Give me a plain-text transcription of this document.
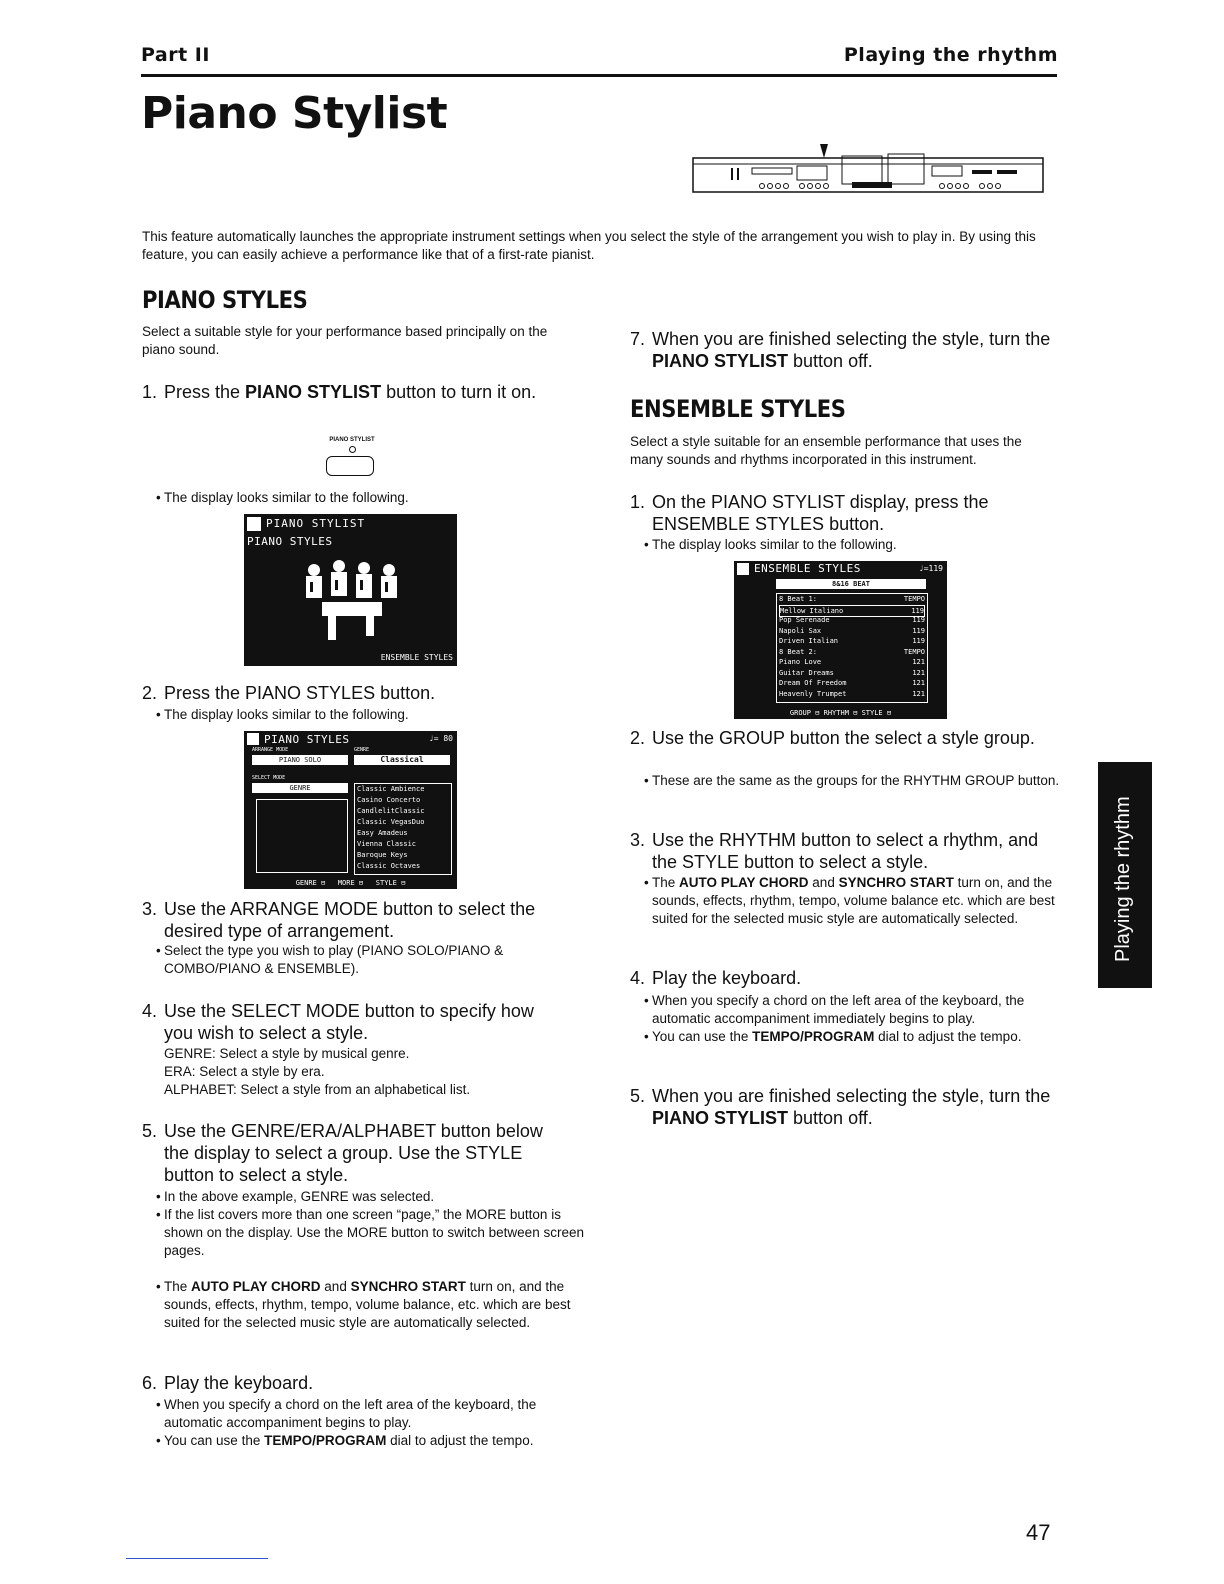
Part II	Playing the rhythm
Piano Stylist
This feature automatically launches the appropriate instrument settings when you select the style of the arrangement you wish to play in. By using this feature, you can easily achieve a performance like that of a first-rate pianist.
PIANO STYLES
Select a suitable style for your performance based principally on the piano sound.
1. Press the PIANO STYLIST button to turn it on.
PIANO STYLIST
• The display looks similar to the following.
PIANO STYLIST
PIANO STYLES
ENSEMBLE STYLES
2. Press the PIANO STYLES button.
• The display looks similar to the following.
PIANO STYLES	♩= 80
ARRANGE MODE
PIANO SOLO
GENRE
Classical
SELECT MODE
GENRE	Classic Ambience
Casino Concerto
CandlelitClassic
Classic VegasDuo
Easy Amadeus
Vienna Classic
Baroque Keys
Classic Octaves
GENRE ⊟   MORE ⊟   STYLE ⊟
3. Use the ARRANGE MODE button to select the desired type of arrangement.
• Select the type you wish to play (PIANO SOLO/PIANO & COMBO/PIANO & ENSEMBLE).
4. Use the SELECT MODE button to specify how you wish to select a style.
GENRE: Select a style by musical genre.
ERA: Select a style by era.
ALPHABET: Select a style from an alphabetical list.
5. Use the GENRE/ERA/ALPHABET button below the display to select a group. Use the STYLE button to select a style.
• In the above example, GENRE was selected.
• If the list covers more than one screen “page,” the MORE button is shown on the display. Use the MORE button to switch between screen pages.
• The AUTO PLAY CHORD and SYNCHRO START turn on, and the sounds, effects, rhythm, tempo, volume balance, etc. which are best suited for the selected music style are automatically selected.
6. Play the keyboard.
• When you specify a chord on the left area of the keyboard, the automatic accompaniment begins to play.
• You can use the TEMPO/PROGRAM dial to adjust the tempo.
7. When you are finished selecting the style, turn the PIANO STYLIST button off.
ENSEMBLE STYLES
Select a style suitable for an ensemble performance that uses the many sounds and rhythms incorporated in this instrument.
1. On the PIANO STYLIST display, press the ENSEMBLE STYLES button.
• The display looks similar to the following.
ENSEMBLE STYLES	♩=119
8&16 BEAT
8 Beat 1:	TEMPO
Mellow Italiano	119
Pop Serenade	119
Napoli Sax	119
Driven Italian	119
8 Beat 2:	TEMPO
Piano Love	121
Guitar Dreams	121
Dream Of Freedom	121
Heavenly Trumpet	121
GROUP ⊟ RHYTHM ⊟ STYLE ⊟
2. Use the GROUP button the select a style group.
• These are the same as the groups for the RHYTHM GROUP button.
3. Use the RHYTHM button to select a rhythm, and the STYLE button to select a style.
• The AUTO PLAY CHORD and SYNCHRO START turn on, and the sounds, effects, rhythm, tempo, volume balance etc. which are best suited for the selected music style are automatically selected.
4. Play the keyboard.
• When you specify a chord on the left area of the keyboard, the automatic accompaniment immediately begins to play.
• You can use the TEMPO/PROGRAM dial to adjust the tempo.
5. When you are finished selecting the style, turn the PIANO STYLIST button off.
Playing the rhythm
47
